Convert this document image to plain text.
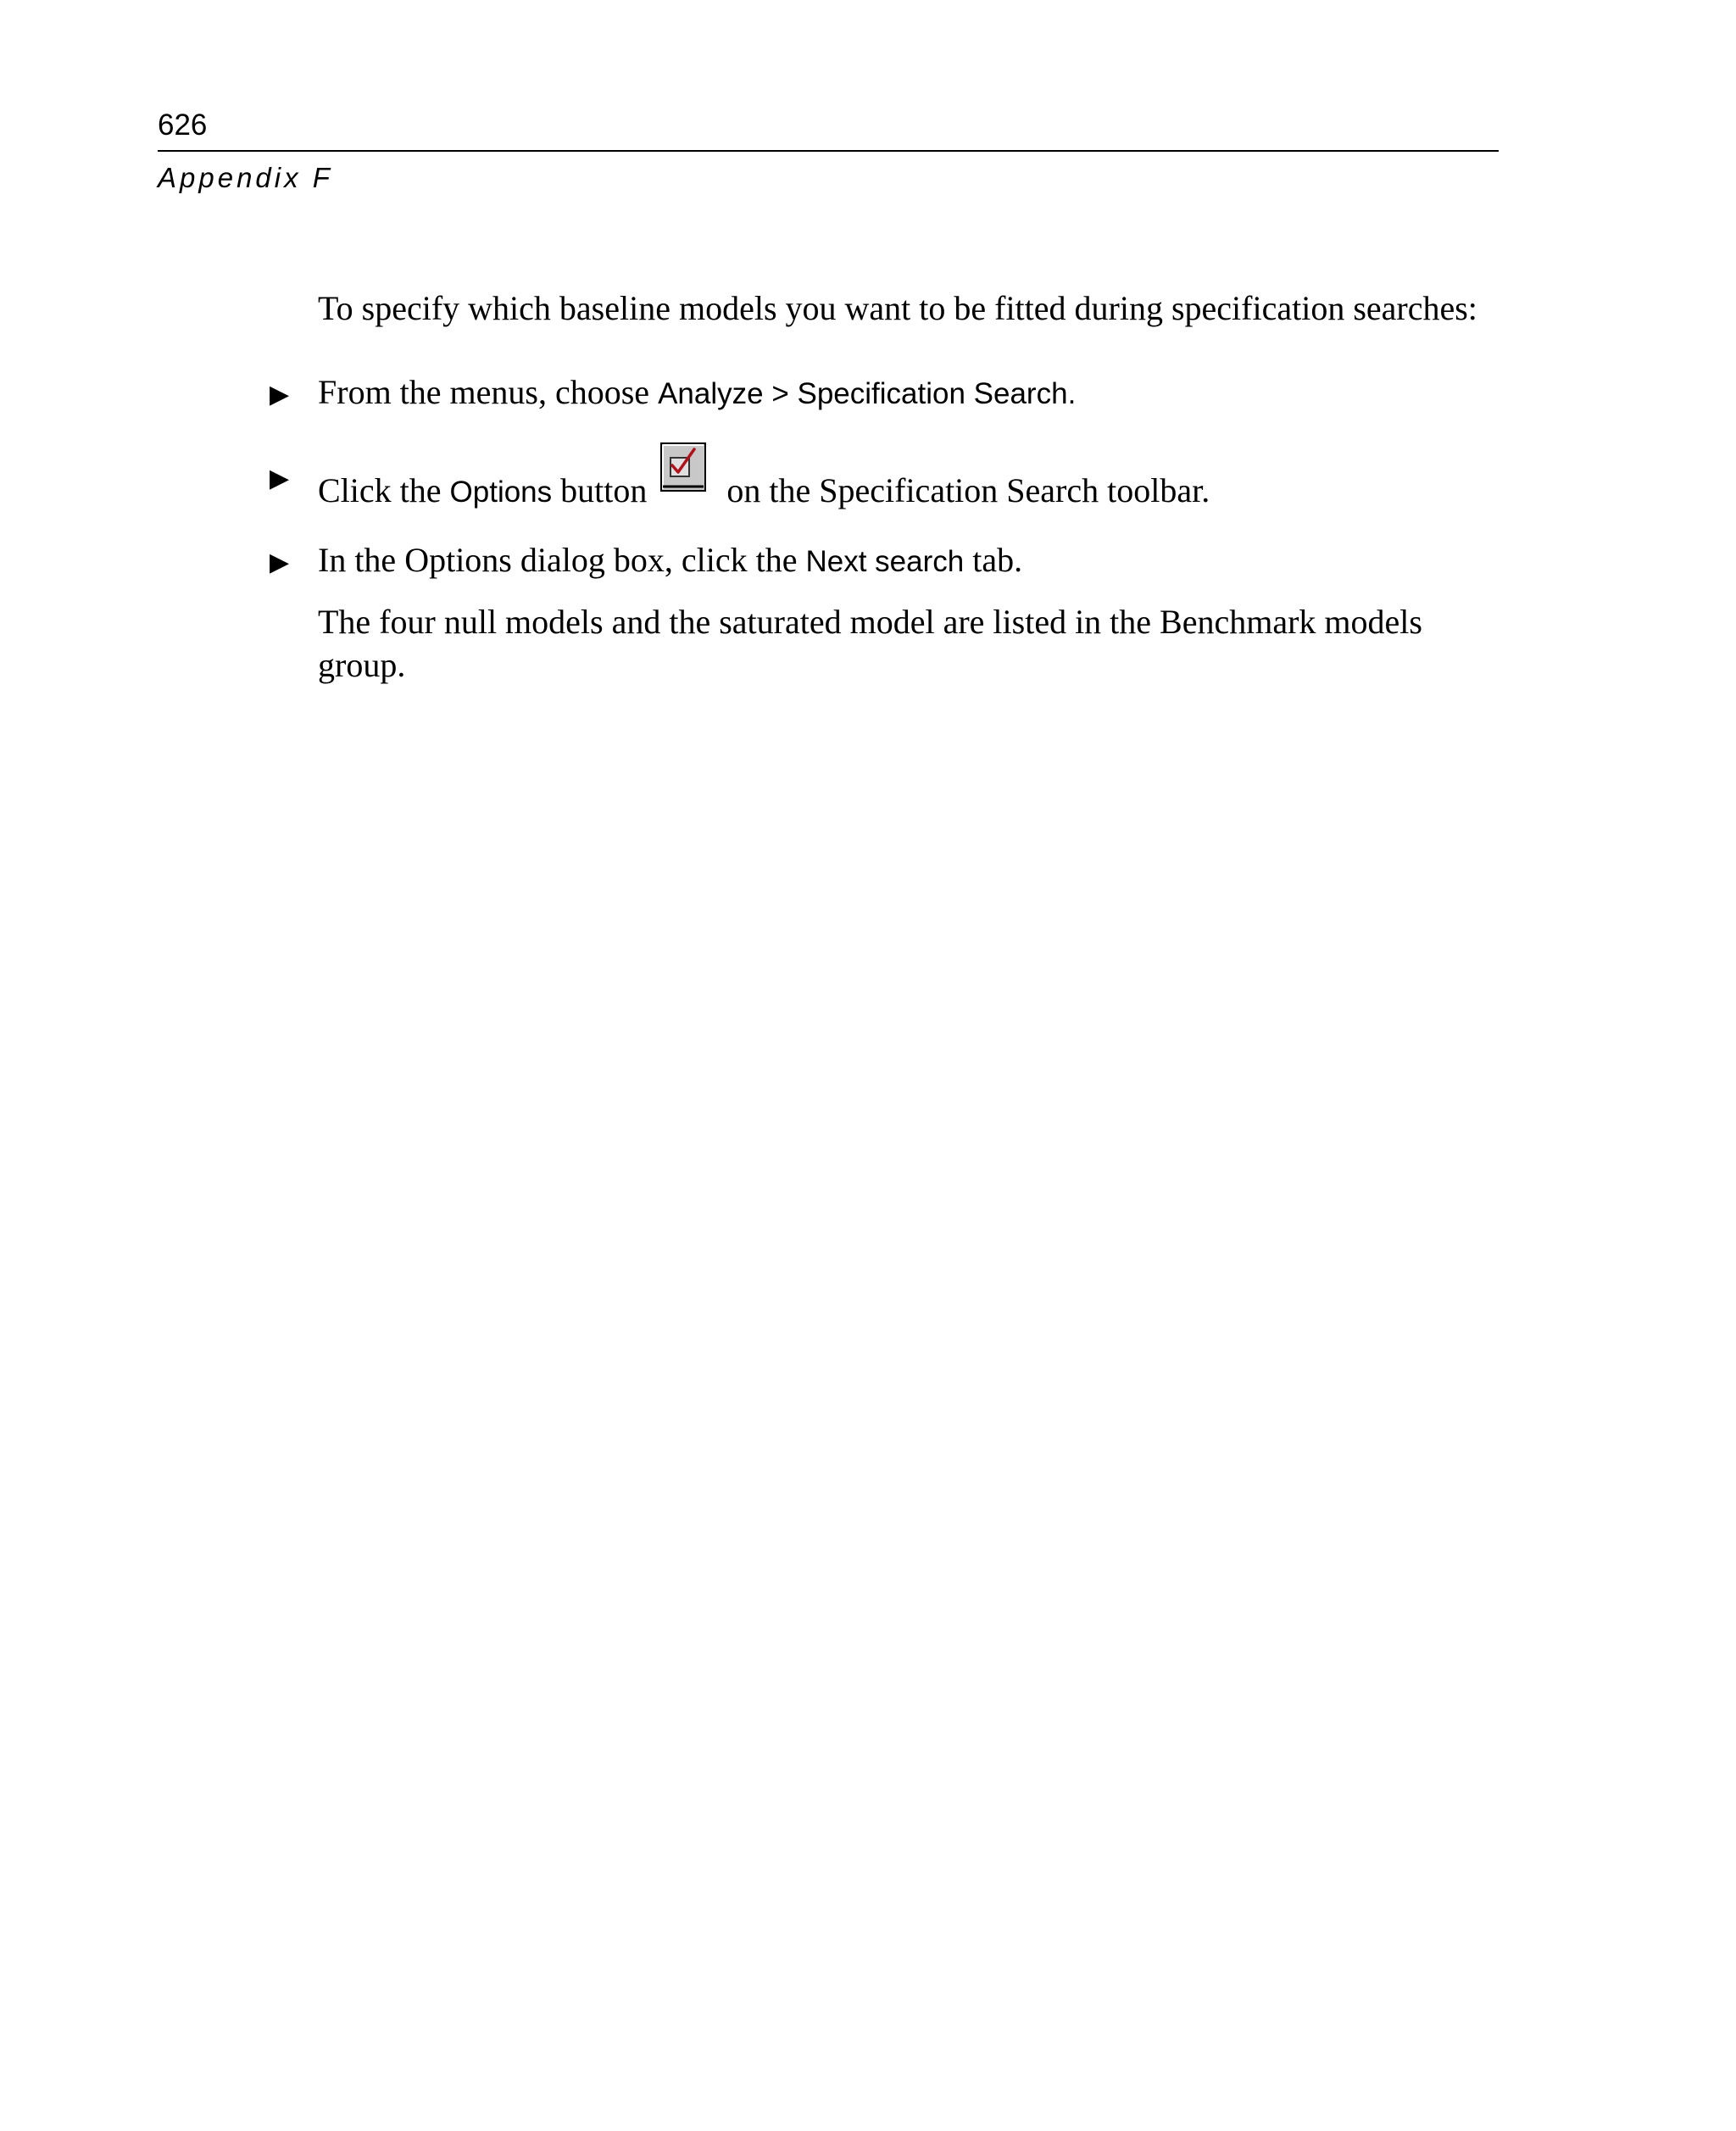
626
Appendix F
To specify which baseline models you want to be fitted during specification searches:
▶ From the menus, choose Analyze > Specification Search.
▶ Click the Options button on the Specification Search toolbar.
▶ In the Options dialog box, click the Next search tab.
The four null models and the saturated model are listed in the Benchmark models group.
